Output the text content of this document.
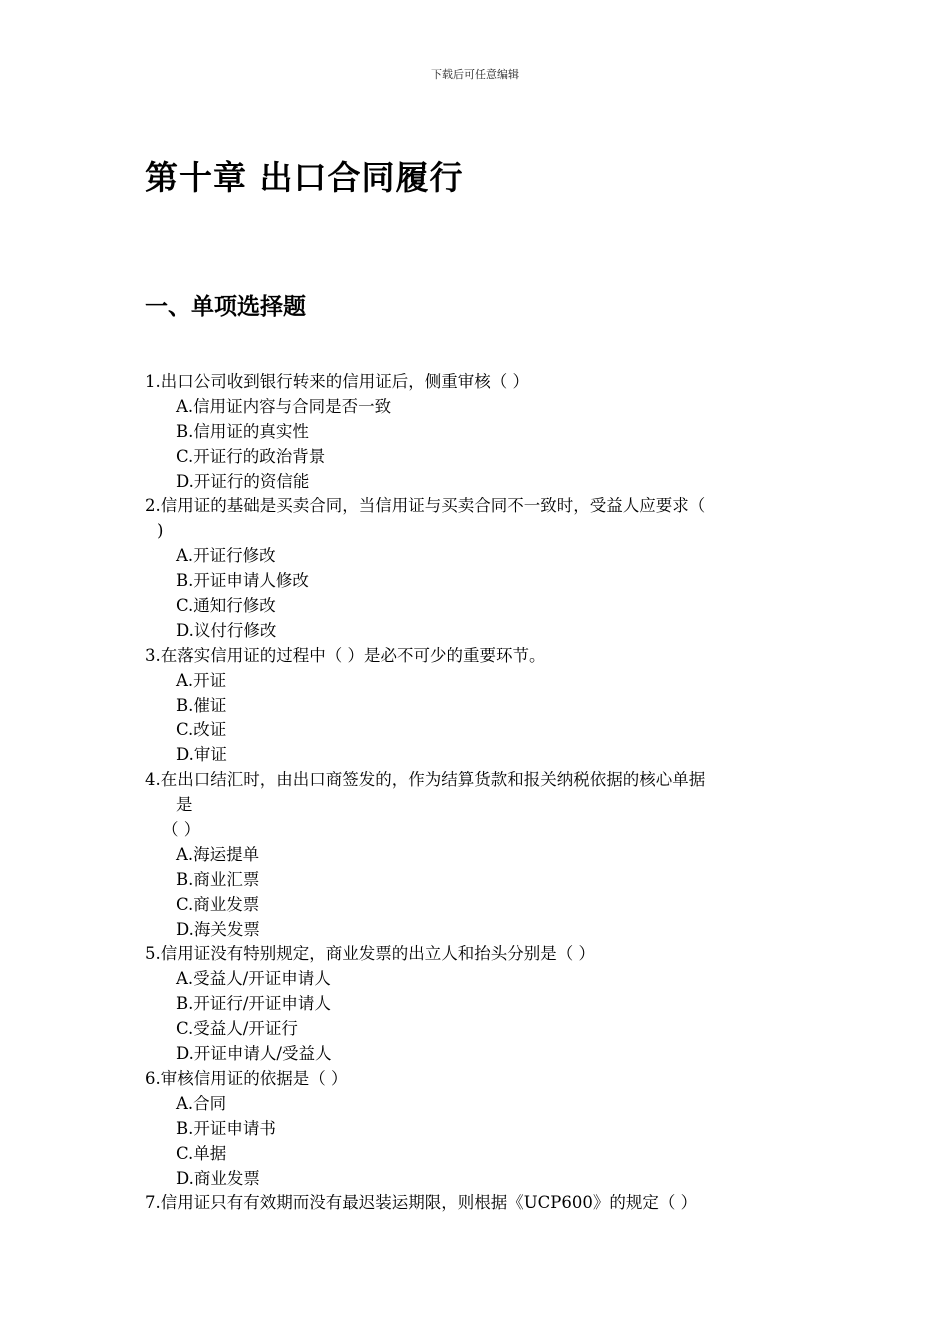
下载后可任意编辑
第十章 出口合同履行
一、单项选择题
1.出口公司收到银行转来的信用证后，侧重审核（ ）
A.信用证内容与合同是否一致
B.信用证的真实性
C.开证行的政治背景
D.开证行的资信能
2.信用证的基础是买卖合同，当信用证与买卖合同不一致时，受益人应要求（
)
A.开证行修改
B.开证申请人修改
C.通知行修改
D.议付行修改
3.在落实信用证的过程中（ ）是必不可少的重要环节。
A.开证
B.催证
C.改证
D.审证
4.在出口结汇时，由出口商签发的，作为结算货款和报关纳税依据的核心单据
是
（ ）
A.海运提单
B.商业汇票
C.商业发票
D.海关发票
5.信用证没有特别规定，商业发票的出立人和抬头分别是（ ）
A.受益人/开证申请人
B.开证行/开证申请人
C.受益人/开证行
D.开证申请人/受益人
6.审核信用证的依据是（ ）
A.合同
B.开证申请书
C.单据
D.商业发票
7.信用证只有有效期而没有最迟装运期限，则根据《UCP600》的规定（ ）
